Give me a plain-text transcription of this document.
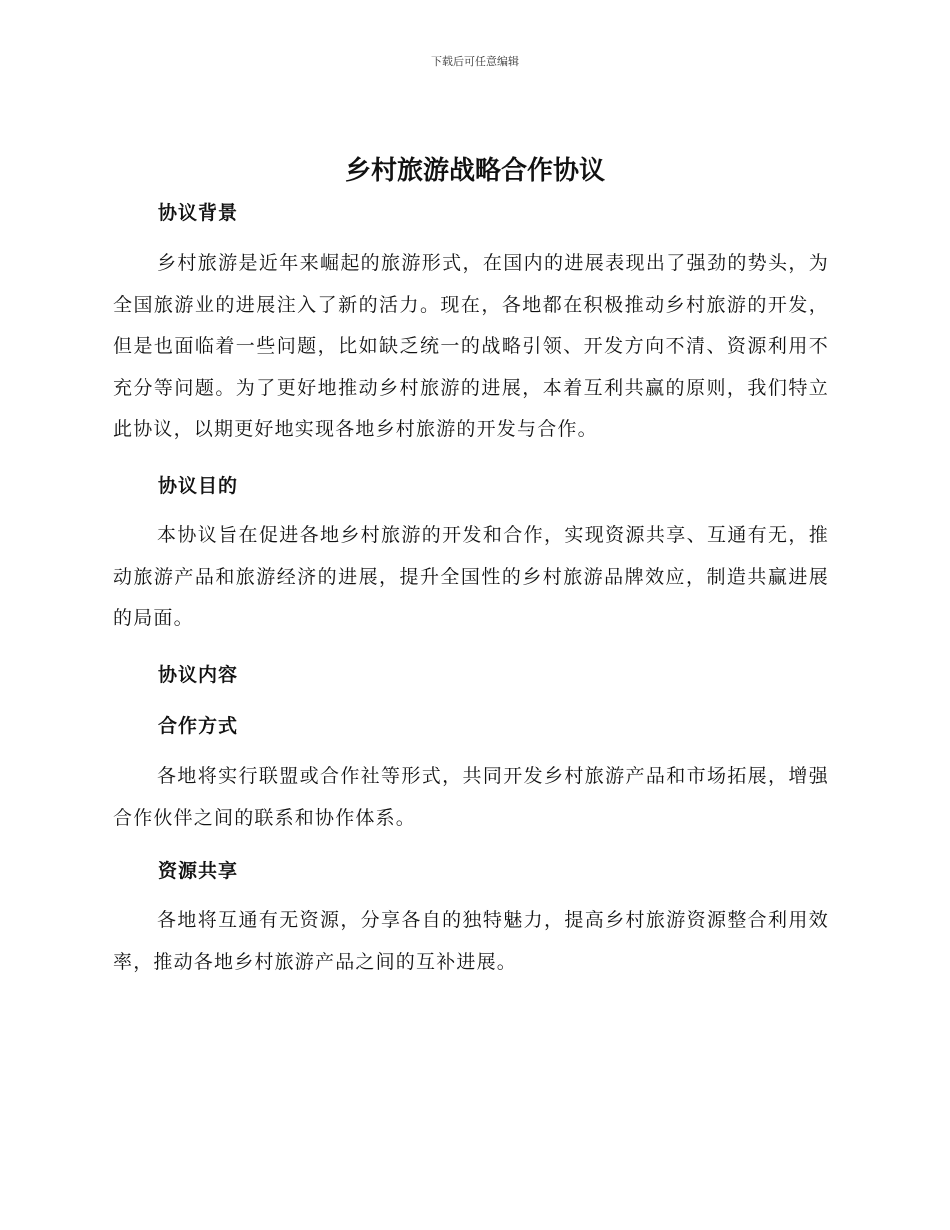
下载后可任意编辑
乡村旅游战略合作协议
协议背景

乡村旅游是近年来崛起的旅游形式，在国内的进展表现出了强劲的势头，为全国旅游业的进展注入了新的活力。现在，各地都在积极推动乡村旅游的开发，但是也面临着一些问题，比如缺乏统一的战略引领、开发方向不清、资源利用不充分等问题。为了更好地推动乡村旅游的进展，本着互利共赢的原则，我们特立此协议，以期更好地实现各地乡村旅游的开发与合作。

协议目的

本协议旨在促进各地乡村旅游的开发和合作，实现资源共享、互通有无，推动旅游产品和旅游经济的进展，提升全国性的乡村旅游品牌效应，制造共赢进展的局面。

协议内容
合作方式

各地将实行联盟或合作社等形式，共同开发乡村旅游产品和市场拓展，增强合作伙伴之间的联系和协作体系。

资源共享

各地将互通有无资源，分享各自的独特魅力，提高乡村旅游资源整合利用效率，推动各地乡村旅游产品之间的互补进展。
